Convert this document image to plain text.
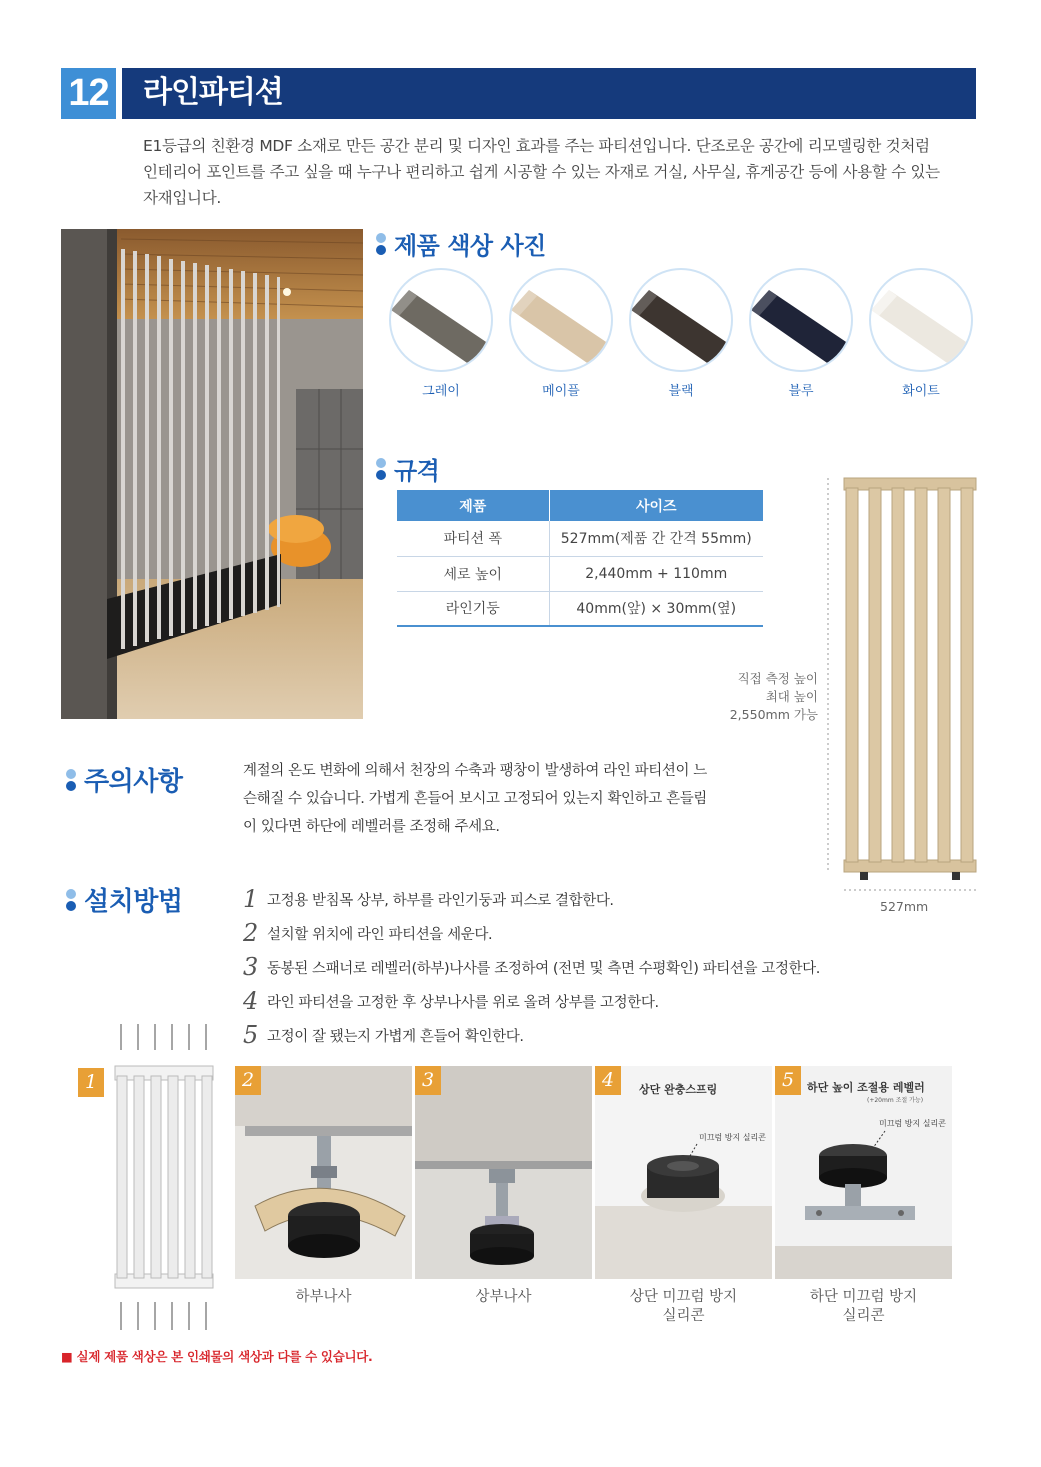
12 라인파티션
E1등급의 친환경 MDF 소재로 만든 공간 분리 및 디자인 효과를 주는 파티션입니다. 단조로운 공간에 리모델링한 것처럼
인테리어 포인트를 주고 싶을 때 누구나 편리하고 쉽게 시공할 수 있는 자재로 거실, 사무실, 휴게공간 등에 사용할 수 있는
자재입니다.
제품 색상 사진
그레이	메이플	블랙	블루	화이트
규격
제품	사이즈
파티션 폭	527mm(제품 간 간격 55mm)
세로 높이	2,440mm + 110mm
라인기둥	40mm(앞) × 30mm(옆)
직접 측정 높이
최대 높이
2,550mm 가능
527mm
주의사항	계절의 온도 변화에 의해서 천장의 수축과 팽창이 발생하여 라인 파티션이 느
슨해질 수 있습니다. 가볍게 흔들어 보시고 고정되어 있는지 확인하고 흔들림
이 있다면 하단에 레벨러를 조정해 주세요.
설치방법	1 고정용 받침목 상부, 하부를 라인기둥과 피스로 결합한다.
2 설치할 위치에 라인 파티션을 세운다.
3 동봉된 스패너로 레벨러(하부)나사를 조정하여 (전면 및 측면 수평확인) 파티션을 고정한다.
4 라인 파티션을 고정한 후 상부나사를 위로 올려 상부를 고정한다.
5 고정이 잘 됐는지 가볍게 흔들어 확인한다.
1	2	3	4	상단 완충스프링
미끄럼 방지 실리콘
5	하단 높이 조절용 레벨러
(+20mm 조절 가능)
미끄럼 방지 실리콘
하부나사	상부나사	상단 미끄럼 방지
실리콘
하단 미끄럼 방지
실리콘
■ 실제 제품 색상은 본 인쇄물의 색상과 다를 수 있습니다.
